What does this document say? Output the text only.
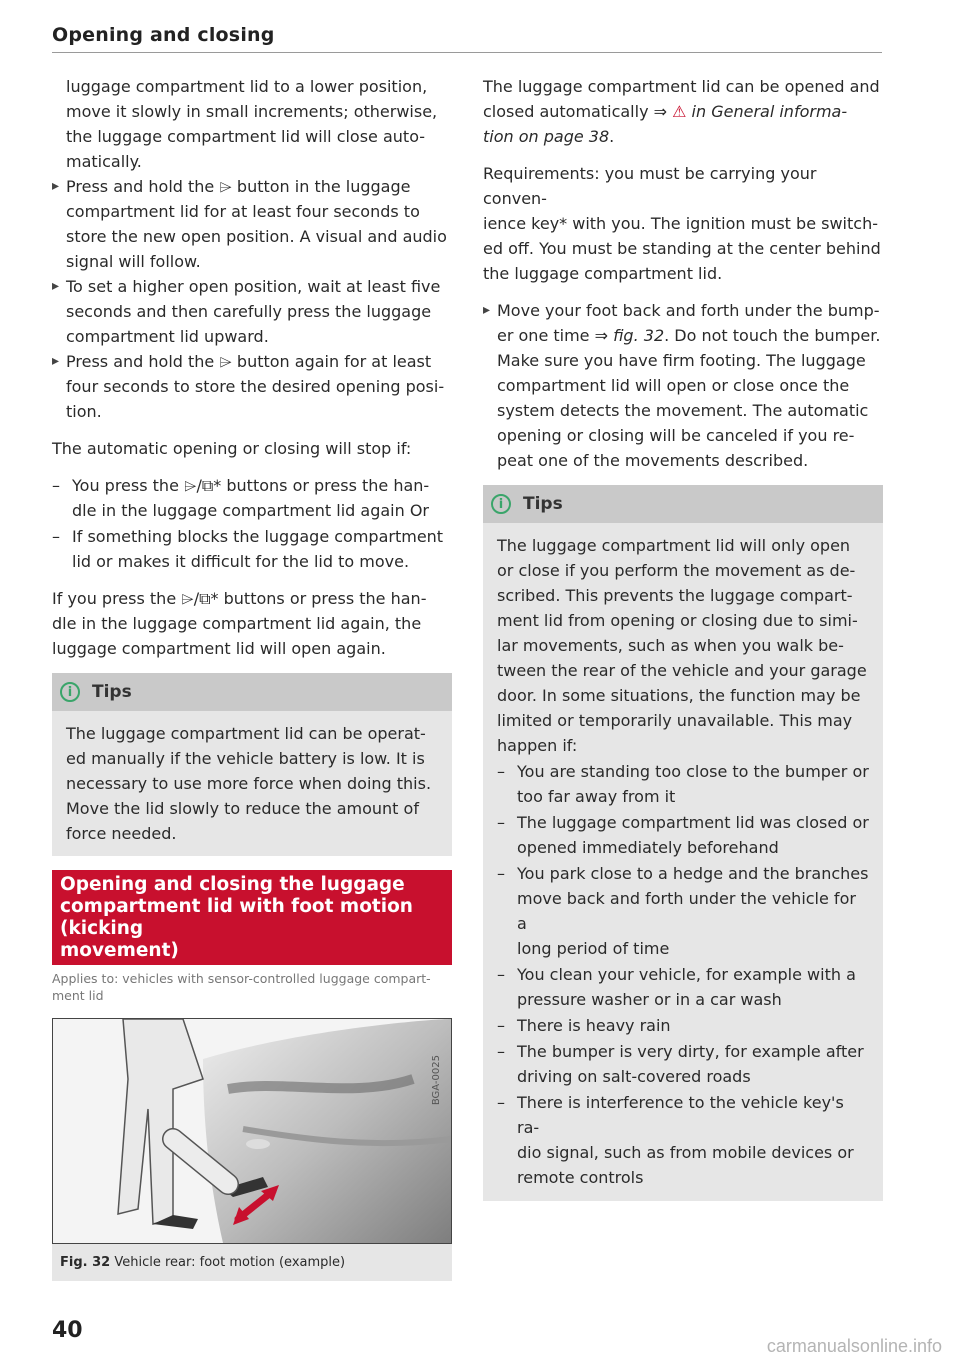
Opening and closing

luggage compartment lid to a lower position,
move it slowly in small increments; otherwise,
the luggage compartment lid will close auto-
matically.

▸ Press and hold the ⌲ button in the luggage
compartment lid for at least four seconds to
store the new open position. A visual and audio
signal will follow.
▸ To set a higher open position, wait at least five
seconds and then carefully press the luggage
compartment lid upward.
▸ Press and hold the ⌲ button again for at least
four seconds to store the desired opening posi-
tion.

The automatic opening or closing will stop if:

– You press the ⌲/⧉* buttons or press the han-
dle in the luggage compartment lid again Or
– If something blocks the luggage compartment
lid or makes it difficult for the lid to move.

If you press the ⌲/⧉* buttons or press the han-
dle in the luggage compartment lid again, the
luggage compartment lid will open again.

i	Tips

The luggage compartment lid can be operat-
ed manually if the vehicle battery is low. It is
necessary to use more force when doing this.
Move the lid slowly to reduce the amount of
force needed.

Opening and closing the luggage
compartment lid with foot motion (kicking
movement)
Applies to: vehicles with sensor-controlled luggage compart-
ment lid
BGA-0025
Fig. 32 Vehicle rear: foot motion (example)

The luggage compartment lid can be opened and
closed automatically ⇒ ⚠ in General informa-
tion on page 38.

Requirements: you must be carrying your conven-
ience key* with you. The ignition must be switch-
ed off. You must be standing at the center behind
the luggage compartment lid.

▸ Move your foot back and forth under the bump-
er one time ⇒ fig. 32. Do not touch the bumper.
Make sure you have firm footing. The luggage
compartment lid will open or close once the
system detects the movement. The automatic
opening or closing will be canceled if you re-
peat one of the movements described.
i	Tips

The luggage compartment lid will only open
or close if you perform the movement as de-
scribed. This prevents the luggage compart-
ment lid from opening or closing due to simi-
lar movements, such as when you walk be-
tween the rear of the vehicle and your garage
door. In some situations, the function may be
limited or temporarily unavailable. This may
happen if:

– You are standing too close to the bumper or
too far away from it
– The luggage compartment lid was closed or
opened immediately beforehand
– You park close to a hedge and the branches
move back and forth under the vehicle for a
long period of time
– You clean your vehicle, for example with a
pressure washer or in a car wash
– There is heavy rain
– The bumper is very dirty, for example after
driving on salt-covered roads
– There is interference to the vehicle key's ra-
dio signal, such as from mobile devices or
remote controls
40
carmanualsonline.info
